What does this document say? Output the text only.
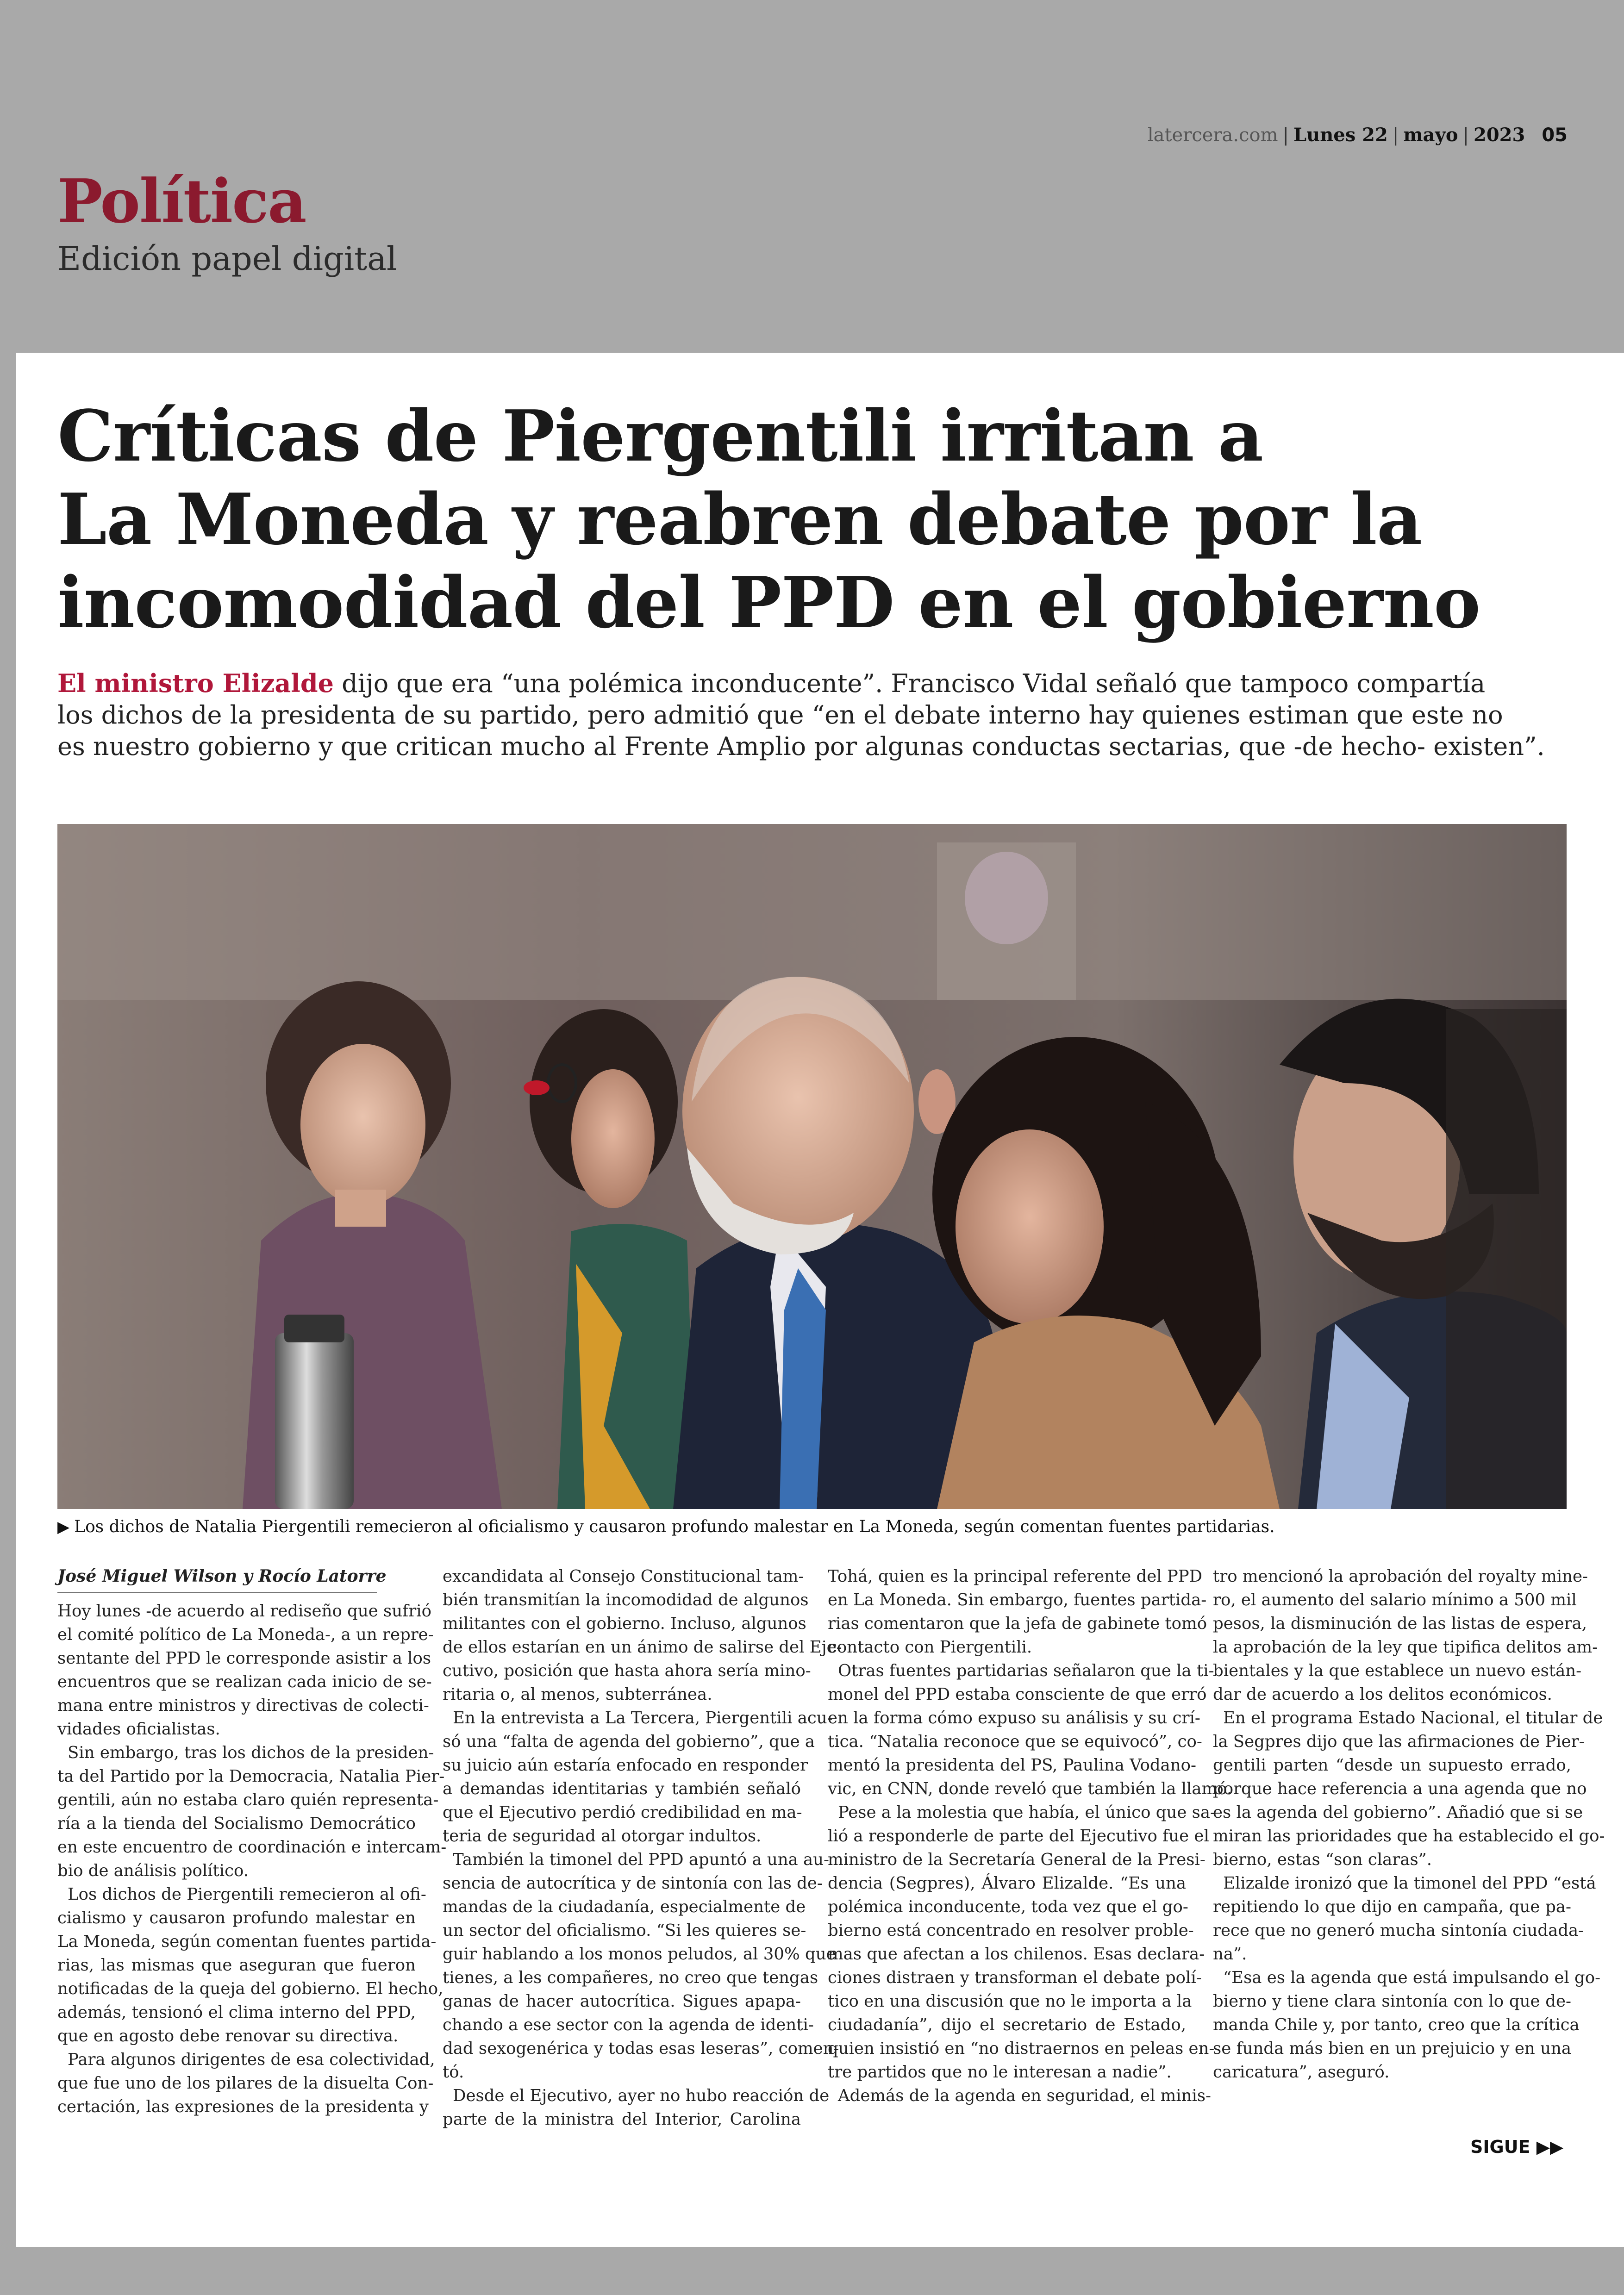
latercera.com | Lunes 22 | mayo | 2023 05
Política
Edición papel digital
Críticas de Piergentili irritan a
La Moneda y reabren debate por la
incomodidad del PPD en el gobierno

El ministro Elizalde dijo que era “una polémica inconducente”. Francisco Vidal señaló que tampoco compartía
los dichos de la presidenta de su partido, pero admitió que “en el debate interno hay quienes estiman que este no
es nuestro gobierno y que critican mucho al Frente Amplio por algunas conductas sectarias, que -de hecho- existen”.

▶ Los dichos de Natalia Piergentili remecieron al oficialismo y causaron profundo malestar en La Moneda, según comentan fuentes partidarias.
José Miguel Wilson y Rocío Latorre

Hoy lunes -de acuerdo al rediseño que sufrió
el comité político de La Moneda-, a un repre-
sentante del PPD le corresponde asistir a los
encuentros que se realizan cada inicio de se-
mana entre ministros y directivas de colecti-
vidades oficialistas.

Sin embargo, tras los dichos de la presiden-
ta del Partido por la Democracia, Natalia Pier-
gentili, aún no estaba claro quién representa-
ría a la tienda del Socialismo Democrático
en este encuentro de coordinación e intercam-
bio de análisis político.

Los dichos de Piergentili remecieron al ofi-
cialismo y causaron profundo malestar en
La Moneda, según comentan fuentes partida-
rias, las mismas que aseguran que fueron
notificadas de la queja del gobierno. El hecho,
además, tensionó el clima interno del PPD,
que en agosto debe renovar su directiva.

Para algunos dirigentes de esa colectividad,
que fue uno de los pilares de la disuelta Con-
certación, las expresiones de la presidenta y

excandidata al Consejo Constitucional tam-
bién transmitían la incomodidad de algunos
militantes con el gobierno. Incluso, algunos
de ellos estarían en un ánimo de salirse del Eje-
cutivo, posición que hasta ahora sería mino-
ritaria o, al menos, subterránea.

En la entrevista a La Tercera, Piergentili acu-
só una “falta de agenda del gobierno”, que a
su juicio aún estaría enfocado en responder
a demandas identitarias y también señaló
que el Ejecutivo perdió credibilidad en ma-
teria de seguridad al otorgar indultos.

También la timonel del PPD apuntó a una au-
sencia de autocrítica y de sintonía con las de-
mandas de la ciudadanía, especialmente de
un sector del oficialismo. “Si les quieres se-
guir hablando a los monos peludos, al 30% que
tienes, a les compañeres, no creo que tengas
ganas de hacer autocrítica. Sigues apapa-
chando a ese sector con la agenda de identi-
dad sexogenérica y todas esas leseras”, comen-
tó.

Desde el Ejecutivo, ayer no hubo reacción de
parte de la ministra del Interior, Carolina

Tohá, quien es la principal referente del PPD
en La Moneda. Sin embargo, fuentes partida-
rias comentaron que la jefa de gabinete tomó
contacto con Piergentili.

Otras fuentes partidarias señalaron que la ti-
monel del PPD estaba consciente de que erró
en la forma cómo expuso su análisis y su crí-
tica. “Natalia reconoce que se equivocó”, co-
mentó la presidenta del PS, Paulina Vodano-
vic, en CNN, donde reveló que también la llamó.

Pese a la molestia que había, el único que sa-
lió a responderle de parte del Ejecutivo fue el
ministro de la Secretaría General de la Presi-
dencia (Segpres), Álvaro Elizalde. “Es una
polémica inconducente, toda vez que el go-
bierno está concentrado en resolver proble-
mas que afectan a los chilenos. Esas declara-
ciones distraen y transforman el debate polí-
tico en una discusión que no le importa a la
ciudadanía”, dijo el secretario de Estado,
quien insistió en “no distraernos en peleas en-
tre partidos que no le interesan a nadie”.

Además de la agenda en seguridad, el minis-

tro mencionó la aprobación del royalty mine-
ro, el aumento del salario mínimo a 500 mil
pesos, la disminución de las listas de espera,
la aprobación de la ley que tipifica delitos am-
bientales y la que establece un nuevo están-
dar de acuerdo a los delitos económicos.

En el programa Estado Nacional, el titular de
la Segpres dijo que las afirmaciones de Pier-
gentili parten “desde un supuesto errado,
porque hace referencia a una agenda que no
es la agenda del gobierno”. Añadió que si se
miran las prioridades que ha establecido el go-
bierno, estas “son claras”.

Elizalde ironizó que la timonel del PPD “está
repitiendo lo que dijo en campaña, que pa-
rece que no generó mucha sintonía ciudada-
na”.

“Esa es la agenda que está impulsando el go-
bierno y tiene clara sintonía con lo que de-
manda Chile y, por tanto, creo que la crítica
se funda más bien en un prejuicio y en una
caricatura”, aseguró.

SIGUE ▶▶
